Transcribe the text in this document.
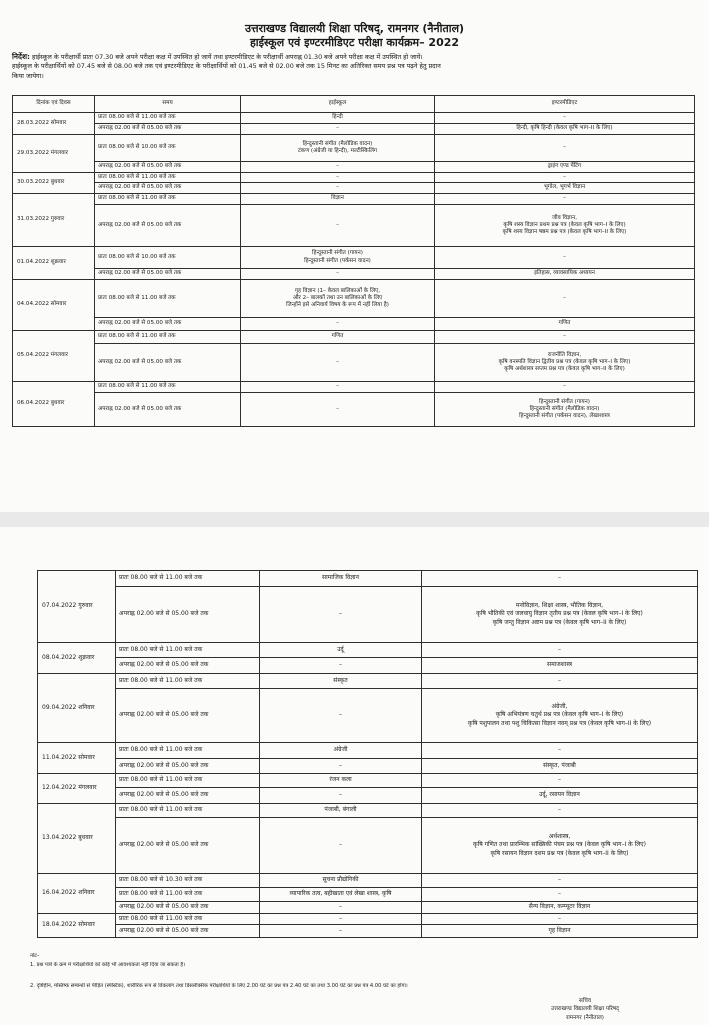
उत्तराखण्ड विद्यालयी शिक्षा परिषद्, रामनगर (नैनीताल)
हाईस्कूल एवं इण्टरमीडिएट परीक्षा कार्यक्रम– 2022
निर्देश: हाईस्कूल के परीक्षार्थी प्रातः 07.30 बजे अपने परीक्षा कक्ष में उपस्थित हो जायें तथा इण्टरमीडिएट के परीक्षार्थी अपराह्न 01.30 बजे अपने परीक्षा कक्ष में उपस्थित हो जायें।
हाईस्कूल के परीक्षार्थियों को 07.45 बजे से 08.00 बजे तक एवं इण्टरमीडिएट के परीक्षार्थियों को 01.45 बजे से 02.00 बजे तक 15 मिनट का अतिरिक्त समय प्रश्न पत्र पढ़ने हेतु प्रदान
किया जायेगा।
दिनांक एवं दिवस	समय	हाईस्कूल	इण्टरमीडिएट
28.03.2022 सोमवार	प्रातः 08.00 बजे से 11.00 बजे तक	हिन्दी	–
	अपराह्न 02.00 बजे से 05.00 बजे तक	–	हिन्दी, कृषि हिन्दी (केवल कृषि भाग–II के लिए)
29.03.2022 मंगलवार	प्रातः 08.00 बजे से 10.00 बजे तक	हिन्दुस्तानी संगीत (मैलोडिक वादन)
टंकण (अंग्रेजी या हिन्दी), मल्टीस्किलिंग	–
	अपराह्न 02.00 बजे से 05.00 बजे तक	–	ड्राइंग एण्ड पेंटिंग
30.03.2022 बुधवार	प्रातः 08.00 बजे से 11.00 बजे तक	–	–
	अपराह्न 02.00 बजे से 05.00 बजे तक	–	भूगोल, भूगर्भ विज्ञान
31.03.2022 गुरुवार	प्रातः 08.00 बजे से 11.00 बजे तक	विज्ञान	–
	अपराह्न 02.00 बजे से 05.00 बजे तक	–	जीव विज्ञान,
कृषि शस्य विज्ञान प्रथम प्रश्न पत्र (केवल कृषि भाग–I के लिए)
कृषि शस्य विज्ञान षष्ठम प्रश्न पत्र (केवल कृषि भाग–II के लिए)

01.04.2022 शुक्रवार	प्रातः 08.00 बजे से 10.00 बजे तक	हिन्दुस्तानी संगीत (गायन)
हिन्दुस्तानी संगीत (पर्कसन वादन)	–
	अपराह्न 02.00 बजे से 05.00 बजे तक	–	इतिहास, व्यावसायिक अध्ययन
04.04.2022 सोमवार	प्रातः 08.00 बजे से 11.00 बजे तक	गृह विज्ञान (1– केवल बालिकाओं के लिए,
और 2– बालकों तथा उन बालिकाओं के लिए
जिन्होंने इसे अनिवार्य विषय के रूप में नहीं लिया है)	–
	अपराह्न 02.00 बजे से 05.00 बजे तक	–	गणित
05.04.2022 मंगलवार	प्रातः 08.00 बजे से 11.00 बजे तक	गणित	–
	अपराह्न 02.00 बजे से 05.00 बजे तक	–	राजनीति विज्ञान,
कृषि वनस्पति विज्ञान द्वितीय प्रश्न पत्र (केवल कृषि भाग–I के लिए)
कृषि अर्थशास्त्र सप्तम प्रश्न पत्र (केवल कृषि भाग–II के लिए)

06.04.2022 बुधवार	प्रातः 08.00 बजे से 11.00 बजे तक	–	–
	अपराह्न 02.00 बजे से 05.00 बजे तक	–	हिन्दुस्तानी संगीत (गायन)
हिन्दुस्तानी संगीत (मैलोडिक वादन)
हिन्दुस्तानी संगीत (पर्कसन वादन), लेखाशास्त्र
07.04.2022 गुरुवार	प्रातः 08.00 बजे से 11.00 बजे तक	सामाजिक विज्ञान	–
	अपराह्न 02.00 बजे से 05.00 बजे तक	–	मनोविज्ञान, शिक्षा शास्त्र, भौतिक विज्ञान,
कृषि भौतिकी एवं जलवायु विज्ञान तृतीय प्रश्न पत्र (केवल कृषि भाग–I के लिए)
कृषि जन्तु विज्ञान अष्टम प्रश्न पत्र (केवल कृषि भाग–II के लिए)

08.04.2022 शुक्रवार	प्रातः 08.00 बजे से 11.00 बजे तक	उर्दू	–
	अपराह्न 02.00 बजे से 05.00 बजे तक	–	समाजशास्त्र
09.04.2022 शनिवार	प्रातः 08.00 बजे से 11.00 बजे तक	संस्कृत	–
	अपराह्न 02.00 बजे से 05.00 बजे तक	–	अंग्रेजी,
कृषि अभियंत्रण चतुर्थ प्रश्न पत्र (केवल कृषि भाग–I के लिए)
कृषि पशुपालन तथा पशु चिकित्सा विज्ञान नवम् प्रश्न पत्र (केवल कृषि भाग–II के लिए)

11.04.2022 सोमवार	प्रातः 08.00 बजे से 11.00 बजे तक	अंग्रेजी	–
	अपराह्न 02.00 बजे से 05.00 बजे तक	–	संस्कृत, पंजाबी
12.04.2022 मंगलवार	प्रातः 08.00 बजे से 11.00 बजे तक	रंजन कला	–
	अपराह्न 02.00 बजे से 05.00 बजे तक	–	उर्दू, रसायन विज्ञान
13.04.2022 बुधवार	प्रातः 08.00 बजे से 11.00 बजे तक	पंजाबी, बंगाली	–
	अपराह्न 02.00 बजे से 05.00 बजे तक	–	अर्थशास्त्र,
कृषि गणित तथा प्रारम्भिक सांख्यिकी पंचम प्रश्न पत्र (केवल कृषि भाग–I के लिए)
कृषि रसायन विज्ञान दशम प्रश्न पत्र (केवल कृषि भाग–II के लिए)

16.04.2022 शनिवार	प्रातः 08.00 बजे से 10.30 बजे तक	सूचना प्रौद्योगिकी	–
	प्रातः 08.00 बजे से 11.00 बजे तक	व्यापारिक तत्व, बहीखाता एवं लेखा शास्त्र, कृषि	–
	अपराह्न 02.00 बजे से 05.00 बजे तक	–	सैन्य विज्ञान, कम्प्यूटर विज्ञान
18.04.2022 सोमवार	प्रातः 08.00 बजे से 11.00 बजे तक	–	–
	अपराह्न 02.00 बजे से 05.00 बजे तक	–	गृह विज्ञान
नोट–
1. प्रश्न पत्रों के क्रम में परीक्षार्थियों को कोई भी आवश्यकता नहीं दिया जा सकता है।
2. दृष्टिहीन, मस्तिष्क सम्बन्धी से पीड़ित (स्पेस्टिक), शारीरिक रूप से विकलांग तथा डिसलेक्सिक परीक्षार्थियों के लिए 2.00 घंटे का प्रश्न पत्र 2.40 घंटे का तथा 3.00 घंटे का प्रश्न पत्र 4.00 घंटे का होगा।
सचिव
उत्तराखण्ड विद्यालयी शिक्षा परिषद्
रामनगर (नैनीताल)
